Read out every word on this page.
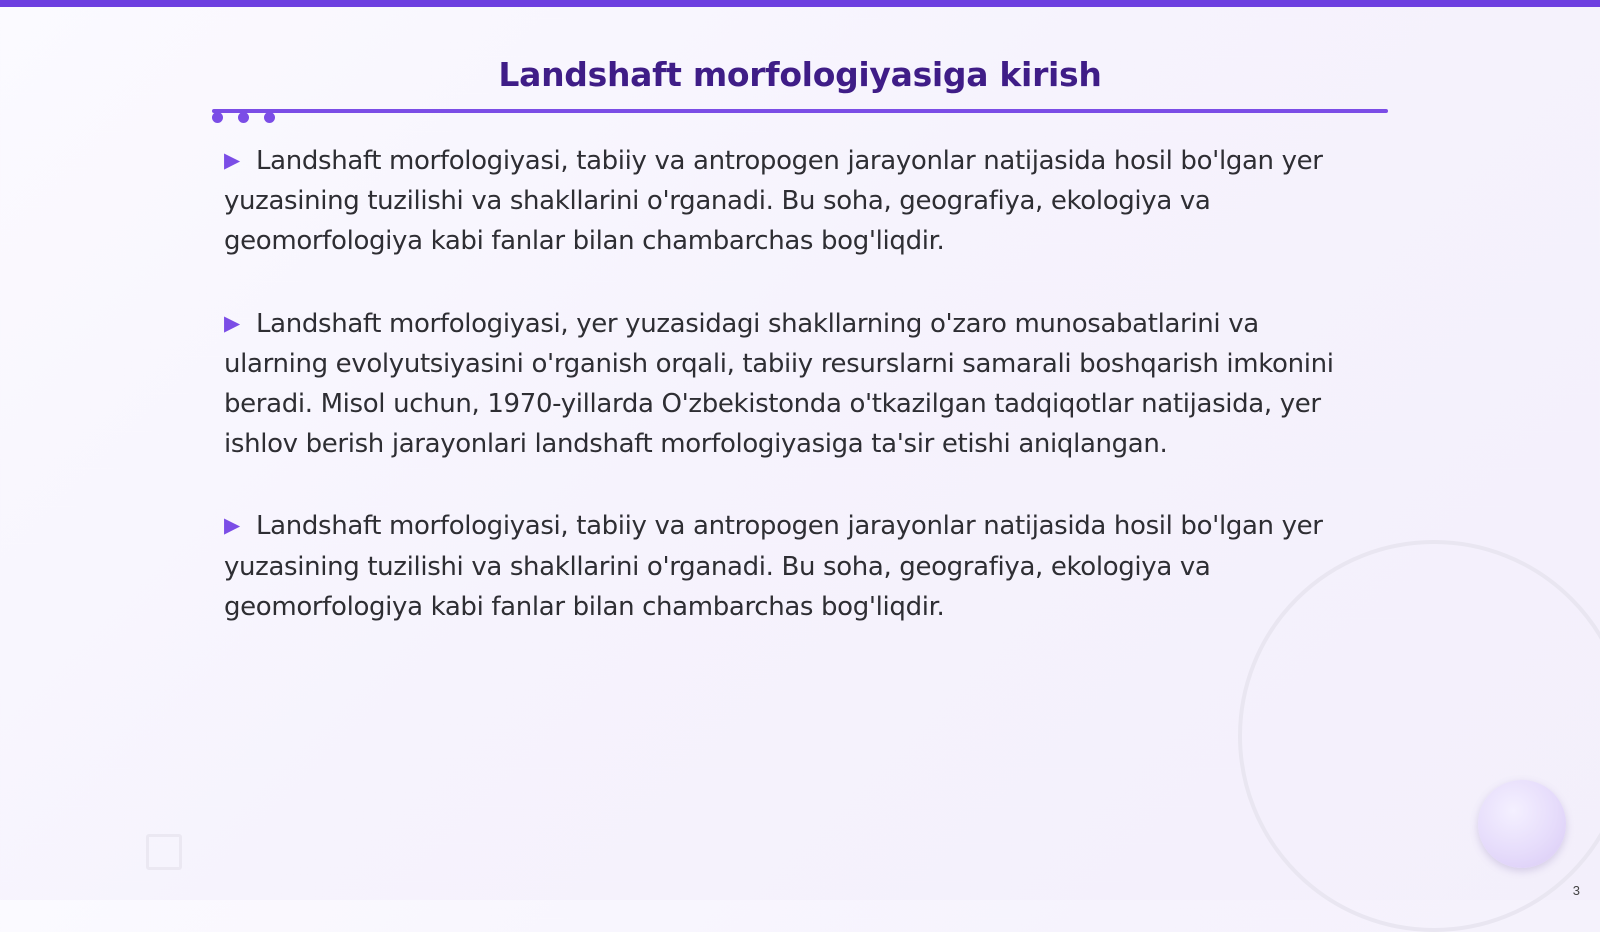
Landshaft morfologiyasiga kirish

▶ Landshaft morfologiyasi, tabiiy va antropogen jarayonlar natijasida hosil bo'lgan yer yuzasining tuzilishi va shakllarini o'rganadi. Bu soha, geografiya, ekologiya va geomorfologiya kabi fanlar bilan chambarchas bog'liqdir.

▶ Landshaft morfologiyasi, yer yuzasidagi shakllarning o'zaro munosabatlarini va ularning evolyutsiyasini o'rganish orqali, tabiiy resurslarni samarali boshqarish imkonini beradi. Misol uchun, 1970-yillarda O'zbekistonda o'tkazilgan tadqiqotlar natijasida, yer ishlov berish jarayonlari landshaft morfologiyasiga ta'sir etishi aniqlangan.

▶ Landshaft morfologiyasi, tabiiy va antropogen jarayonlar natijasida hosil bo'lgan yer yuzasining tuzilishi va shakllarini o'rganadi. Bu soha, geografiya, ekologiya va geomorfologiya kabi fanlar bilan chambarchas bog'liqdir.

3
